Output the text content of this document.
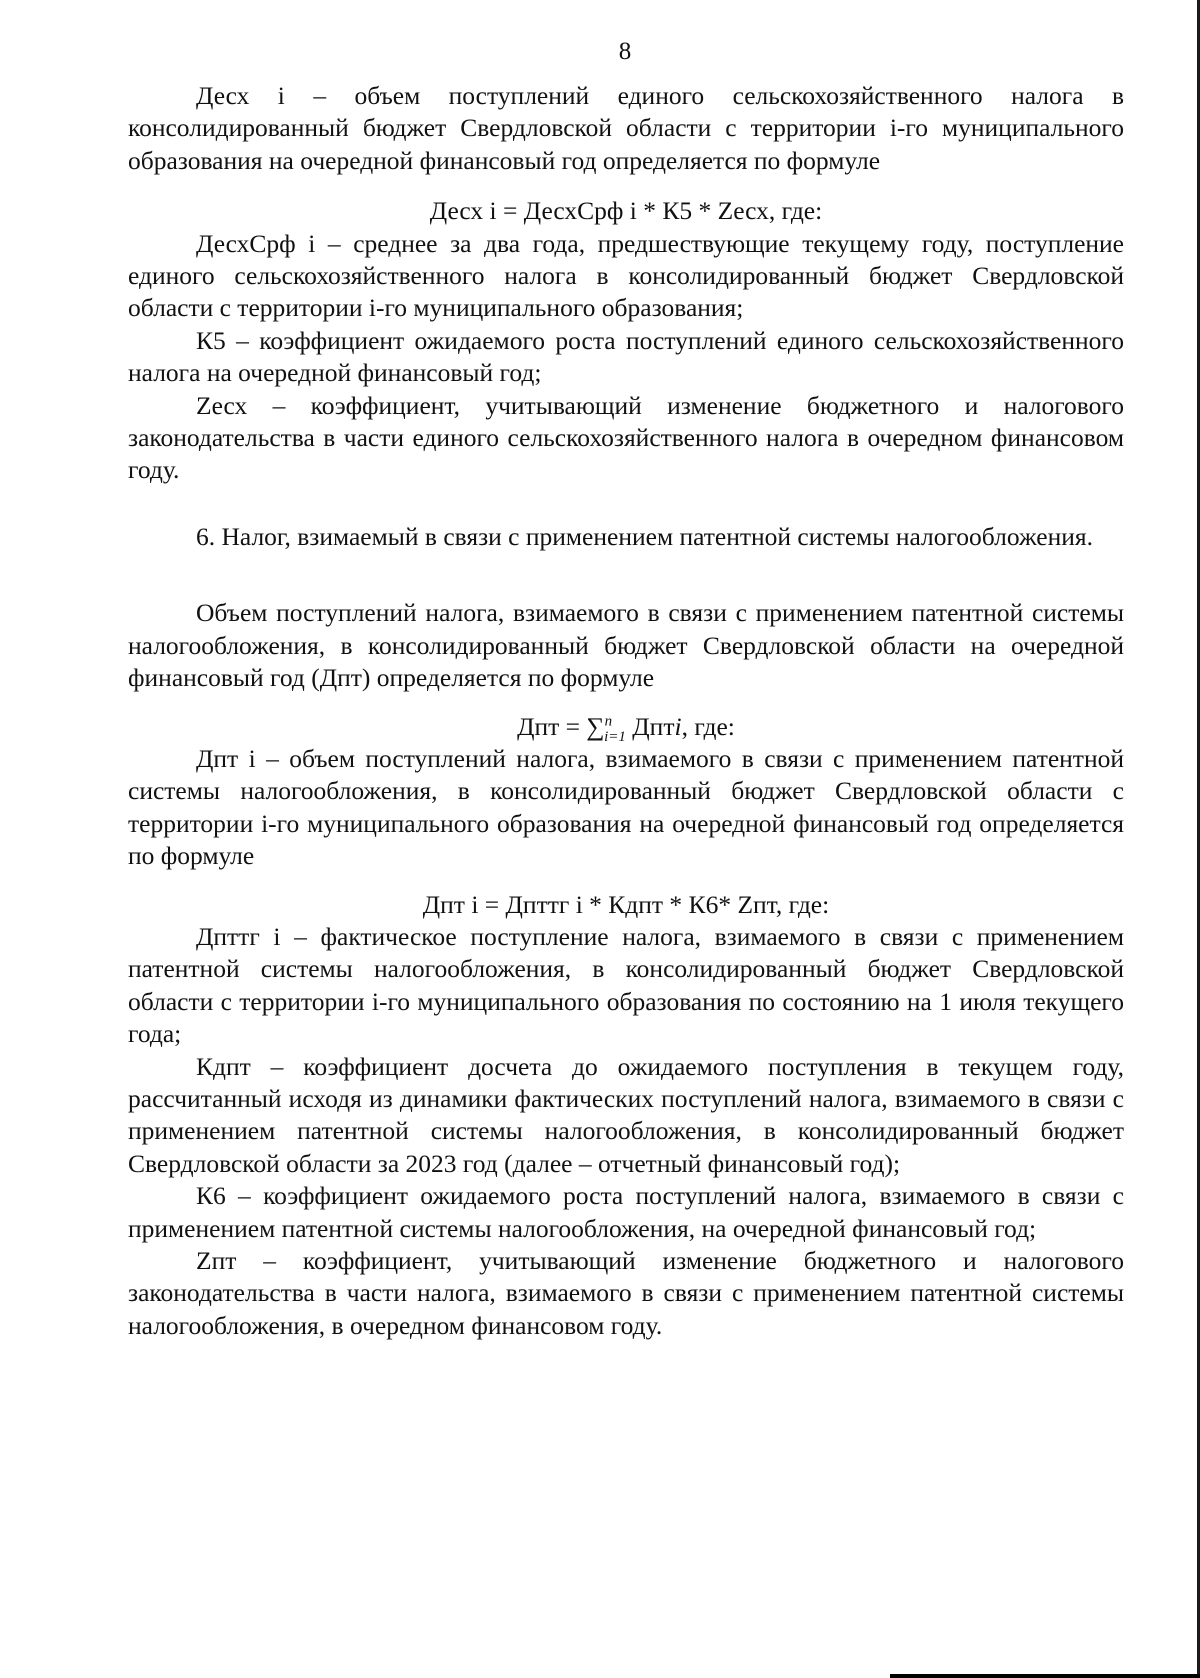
8

Десх i – объем поступлений единого сельскохозяйственного налога в консолидированный бюджет Свердловской области с территории i-го муниципального образования на очередной финансовый год определяется по формуле

Десх i = ДесхСрф i * К5 * Zесх, где:

ДесхСрф i – среднее за два года, предшествующие текущему году, поступление единого сельскохозяйственного налога в консолидированный бюджет Свердловской области с территории i-го муниципального образования;

К5 – коэффициент ожидаемого роста поступлений единого сельскохозяйственного налога на очередной финансовый год;

Zесх – коэффициент, учитывающий изменение бюджетного и налогового законодательства в части единого сельскохозяйственного налога в очередном финансовом году.

6. Налог, взимаемый в связи с применением патентной системы налогообложения.

Объем поступлений налога, взимаемого в связи с применением патентной системы налогообложения, в консолидированный бюджет Свердловской области на очередной финансовый год (Дпт) определяется по формуле

Дпт = ∑$^n_{i=1}$ Дптi, где:

Дпт i – объем поступлений налога, взимаемого в связи с применением патентной системы налогообложения, в консолидированный бюджет Свердловской области с территории i-го муниципального образования на очередной финансовый год определяется по формуле

Дпт i = Дпттг i * Кдпт * К6* Zпт, где:

Дпттг i – фактическое поступление налога, взимаемого в связи с применением патентной системы налогообложения, в консолидированный бюджет Свердловской области с территории i-го муниципального образования по состоянию на 1 июля текущего года;

Кдпт – коэффициент досчета до ожидаемого поступления в текущем году, рассчитанный исходя из динамики фактических поступлений налога, взимаемого в связи с применением патентной системы налогообложения, в консолидированный бюджет Свердловской области за 2023 год (далее – отчетный финансовый год);

К6 – коэффициент ожидаемого роста поступлений налога, взимаемого в связи с применением патентной системы налогообложения, на очередной финансовый год;

Zпт – коэффициент, учитывающий изменение бюджетного и налогового законодательства в части налога, взимаемого в связи с применением патентной системы налогообложения, в очередном финансовом году.
